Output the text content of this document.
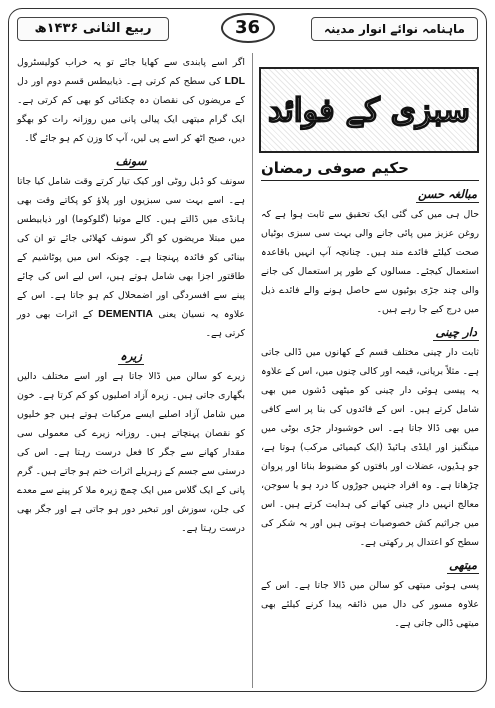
ربیع الثانی ۱۴۳۶ھ	36	ماہنامہ نوائے انوار مدینہ
سبزی کے فوائد
حکیم صوفی رمضان
مبالغہ حسن

حال ہی میں کی گئی ایک تحقیق سے ثابت ہوا ہے کہ روغن عزیز میں پائی جانے والی بہت سی سبزی بوٹیاں صحت کیلئے فائدے مند ہیں۔ چنانچہ آپ انہیں باقاعدہ استعمال کیجئے۔ مسالوں کے طور پر استعمال کی جانے والی چند جڑی بوٹیوں سے حاصل ہونے والے فائدے ذیل میں درج کیے جا رہے ہیں۔

دار چینی

ثابت دار چینی مختلف قسم کے کھانوں میں ڈالی جاتی ہے۔ مثلاً بریانی، قیمہ اور کالی چنوں میں، اس کے علاوہ یہ پیسی ہوئی دار چینی کو میٹھی ڈشوں میں بھی شامل کرتے ہیں۔ اس کے فائدوں کی بنا پر اسے کافی میں بھی ڈالا جاتا ہے۔ اس خوشبودار جڑی بوٹی میں مینگنیز اور ایلڈی ہائیڈ (ایک کیمیائی مرکب) ہوتا ہے، جو ہڈیوں، عضلات اور بافتوں کو مضبوط بناتا اور پروان چڑھاتا ہے۔ وہ افراد جنہیں جوڑوں کا درد ہو یا سوجن، معالج انہیں دار چینی کھانے کی ہدایت کرتے ہیں۔ اس میں جراثیم کش خصوصیات ہوتی ہیں اور یہ شکر کی سطح کو اعتدال پر رکھتی ہے۔

میتھی

پسی ہوئی میتھی کو سالن میں ڈالا جاتا ہے۔ اس کے علاوہ مسور کی دال میں ذائقہ پیدا کرنے کیلئے بھی میتھی ڈالی جاتی ہے۔

اگر اسے پابندی سے کھایا جائے تو یہ خراب کولیسٹرول LDL کی سطح کم کرتی ہے۔ ذیابیطس قسم دوم اور دل کے مریضوں کی نقصان دہ چکنائی کو بھی کم کرتی ہے۔ ایک گرام میتھی ایک پیالی پانی میں روزانہ رات کو بھگو دیں، صبح اٹھ کر اسے پی لیں، آپ کا وزن کم ہو جائے گا۔

سونف

سونف کو ڈبل روٹی اور کیک تیار کرتے وقت شامل کیا جاتا ہے۔ اسے بہت سی سبزیوں اور پلاؤ کو پکاتے وقت بھی ہانڈی میں ڈالتے ہیں۔ کالے موتیا (گلوکوما) اور ذیابیطس میں مبتلا مریضوں کو اگر سونف کھلائی جائے تو ان کی بینائی کو فائدہ پہنچتا ہے۔ چونکہ اس میں پوٹاشیم کے طاقتور اجزا بھی شامل ہوتے ہیں، اس لیے اس کی چائے پینے سے افسردگی اور اضمحلال کم ہو جاتا ہے۔ اس کے علاوہ یہ نسیان یعنی DEMENTIA کے اثرات بھی دور کرتی ہے۔

زیرہ

زیرے کو سالن میں ڈالا جاتا ہے اور اسے مختلف دالیں بگھاری جاتی ہیں۔ زیرہ آزاد اصلیوں کو کم کرتا ہے۔ خون میں شامل آزاد اصلیے ایسے مرکبات ہوتے ہیں جو خلیوں کو نقصان پہنچاتے ہیں۔ روزانہ زیرے کی معمولی سی مقدار کھانے سے جگر کا فعل درست رہتا ہے۔ اس کی درستی سے جسم کے زہریلے اثرات ختم ہو جاتے ہیں۔ گرم پانی کے ایک گلاس میں ایک چمچ زیرہ ملا کر پینے سے معدے کی جلن، سوزش اور تبخیر دور ہو جاتی ہے اور جگر بھی درست رہتا ہے۔
